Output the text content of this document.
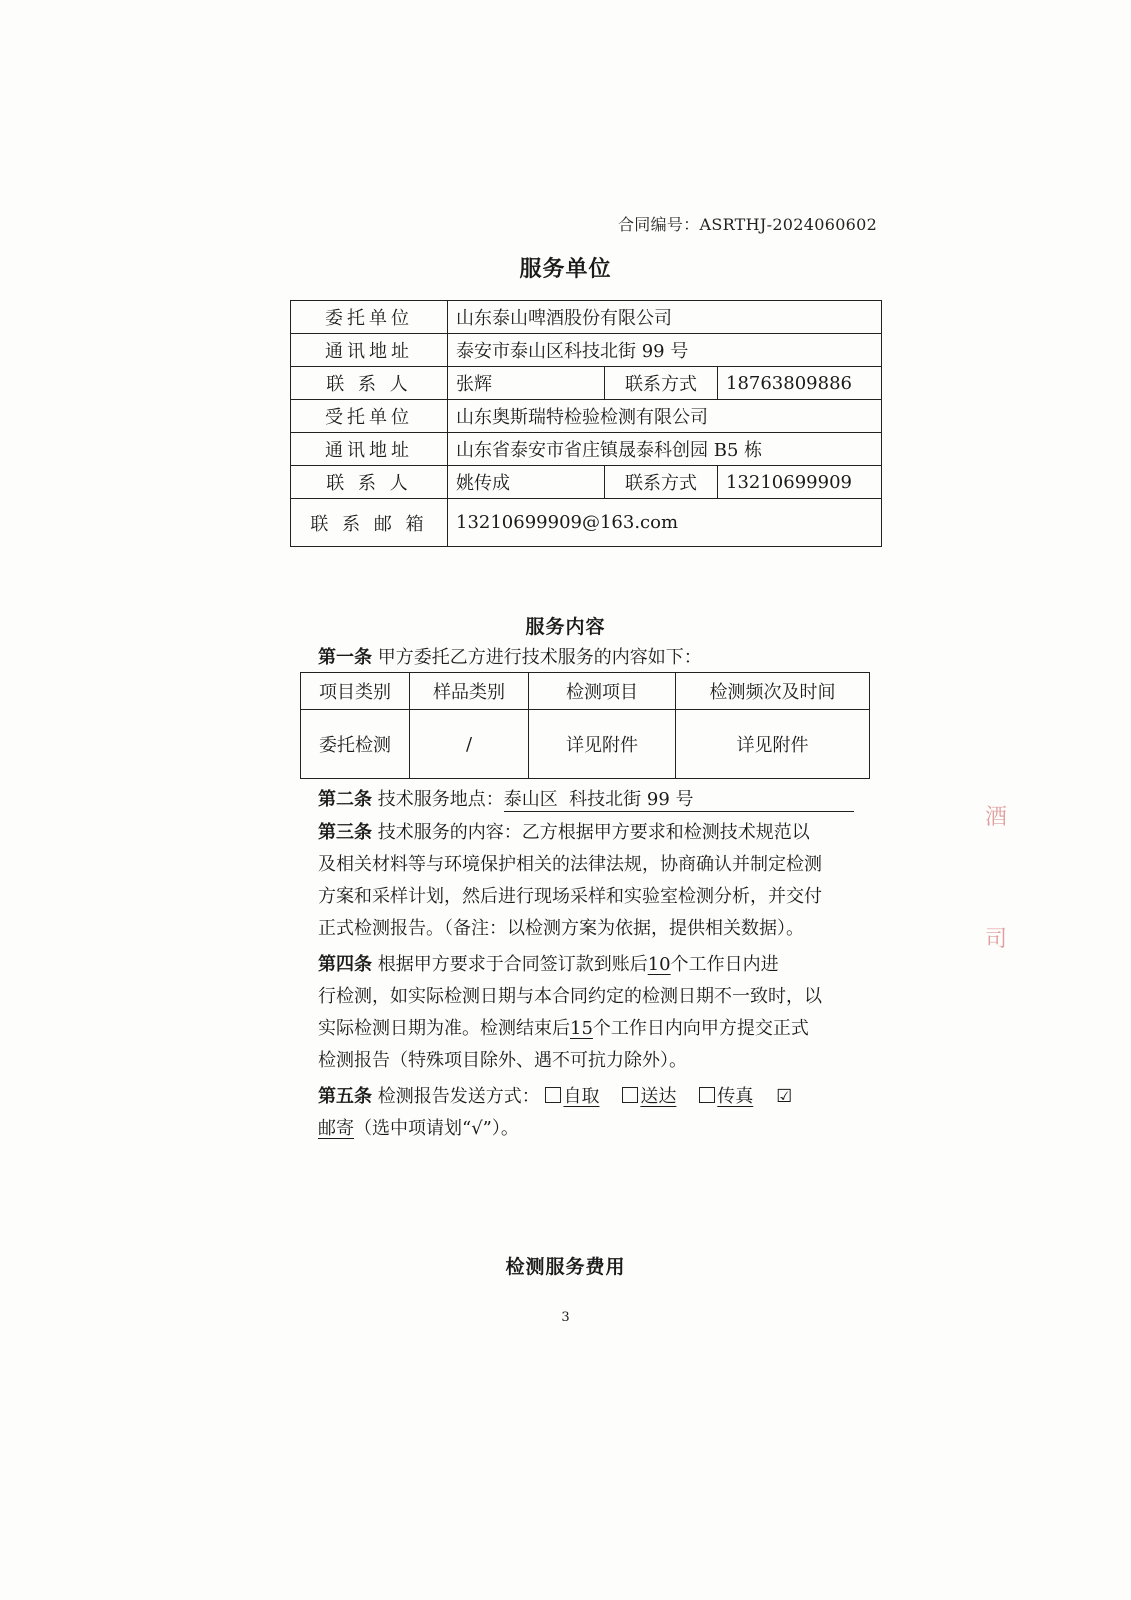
合同编号：ASRTHJ-2024060602
服务单位
委托单位	山东泰山啤酒股份有限公司		
通讯地址	泰安市泰山区科技北街 99 号		
联 系 人	张辉	联系方式	18763809886
受托单位	山东奥斯瑞特检验检测有限公司		
通讯地址	山东省泰安市省庄镇晟泰科创园 B5 栋		
联 系 人	姚传成	联系方式	13210699909
联 系 邮 箱	13210699909@163.com		
服务内容
第一条 甲方委托乙方进行技术服务的内容如下：
项目类别	样品类别	检测项目	检测频次及时间
委托检测	/	详见附件	详见附件
第二条 技术服务地点：泰山区  科技北街 99 号
第三条 技术服务的内容：乙方根据甲方要求和检测技术规范以
及相关材料等与环境保护相关的法律法规，协商确认并制定检测
方案和采样计划，然后进行现场采样和实验室检测分析，并交付
正式检测报告。（备注：以检测方案为依据，提供相关数据）。
第四条 根据甲方要求于合同签订款到账后10个工作日内进
行检测，如实际检测日期与本合同约定的检测日期不一致时，以
实际检测日期为准。检测结束后15个工作日内向甲方提交正式
检测报告（特殊项目除外、遇不可抗力除外）。
第五条 检测报告发送方式： 自取 送达 传真 ☑
邮寄（选中项请划“√”）。
检测服务费用
3
酒
司
